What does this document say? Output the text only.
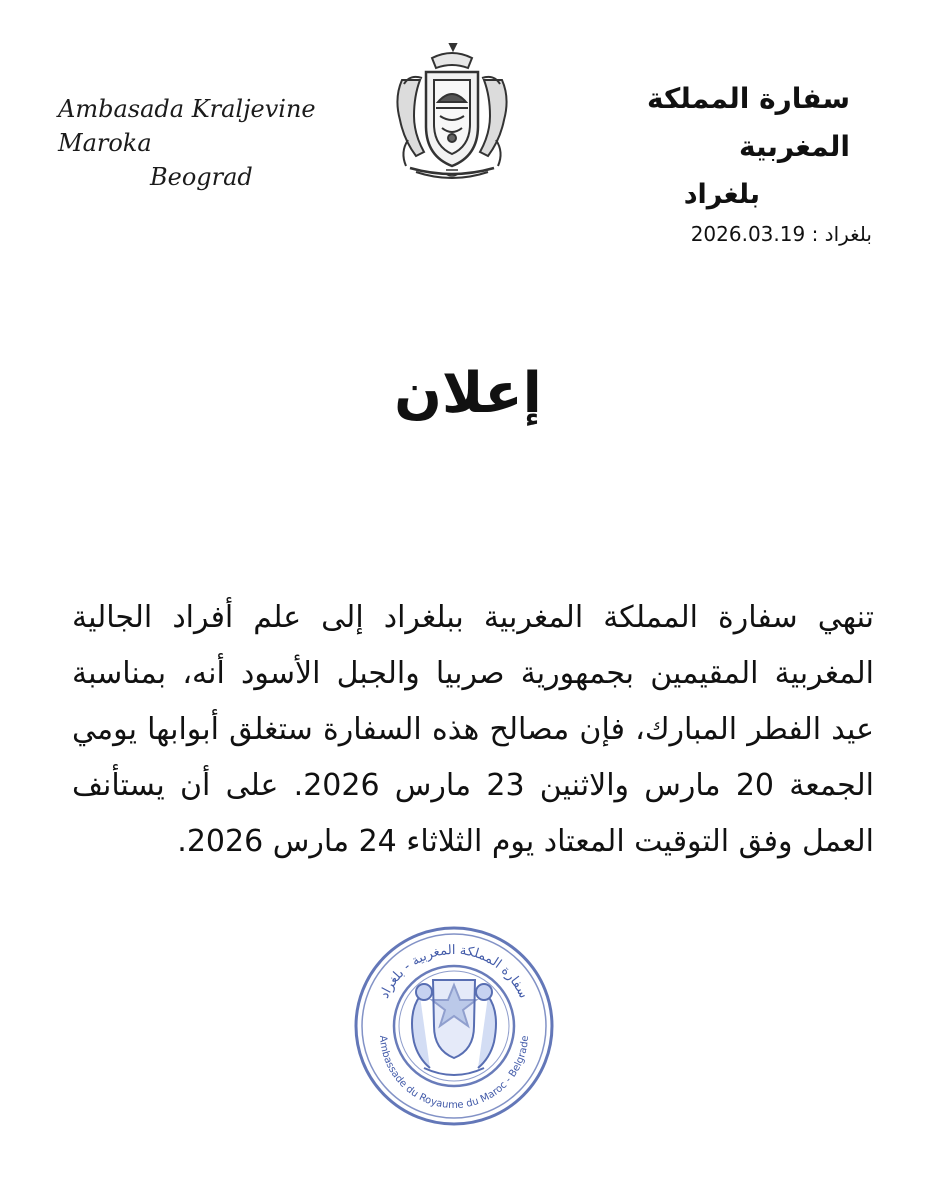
Ambasada Kraljevine Maroka
Beograd
سفارة المملكة المغربية
بلغراد
بلغراد : 2026.03.19
إعلان
تنهي سفارة المملكة المغربية ببلغراد إلى علم أفراد الجالية المغربية المقيمين بجمهورية صربيا والجبل الأسود أنه، بمناسبة عيد الفطر المبارك، فإن مصالح هذه السفارة ستغلق أبوابها يومي الجمعة 20 مارس والاثنين 23 مارس 2026. على أن يستأنف العمل وفق التوقيت المعتاد يوم الثلاثاء 24 مارس 2026.
سفارة المملكة المغربية - بلغراد
Ambassade du Royaume du Maroc - Belgrade
